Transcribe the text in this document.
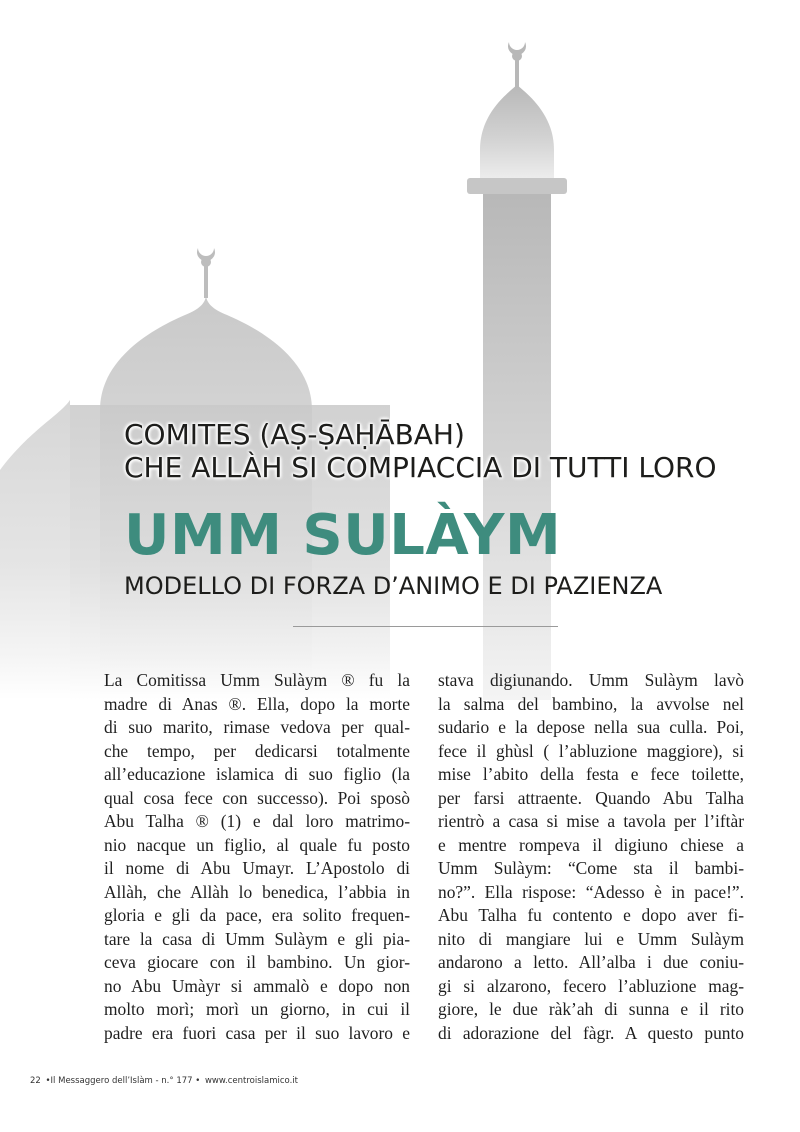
COMITES (AṢ-ṢAḤĀBAH)
CHE ALLÀH SI COMPIACCIA DI TUTTI LORO
UMM SULÀYM
MODELLO DI FORZA D’ANIMO E DI PAZIENZA
La Comitissa Umm Sulàym ® fu la
madre di Anas ®. Ella, dopo la morte
di suo marito, rimase vedova per qual-
che tempo, per dedicarsi totalmente
all’educazione islamica di suo figlio (la
qual cosa fece con successo). Poi sposò
Abu Talha ® (1) e dal loro matrimo-
nio nacque un figlio, al quale fu posto
il nome di Abu Umayr. L’Apostolo di
Allàh, che Allàh lo benedica, l’abbia in
gloria e gli da pace, era solito frequen-
tare la casa di Umm Sulàym e gli pia-
ceva giocare con il bambino. Un gior-
no Abu Umàyr si ammalò e dopo non
molto morì; morì un giorno, in cui il
padre era fuori casa per il suo lavoro e
stava digiunando. Umm Sulàym lavò
la salma del bambino, la avvolse nel
sudario e la depose nella sua culla. Poi,
fece il ghùsl ( l’abluzione maggiore), si
mise l’abito della festa e fece toilette,
per farsi attraente. Quando Abu Talha
rientrò a casa si mise a tavola per l’iftàr
e mentre rompeva il digiuno chiese a
Umm Sulàym: “Come sta il bambi-
no?”. Ella rispose: “Adesso è in pace!”.
Abu Talha fu contento e dopo aver fi-
nito di mangiare lui e Umm Sulàym
andarono a letto. All’alba i due coniu-
gi si alzarono, fecero l’abluzione mag-
giore, le due ràk’ah di sunna e il rito
di adorazione del fàgr. A questo punto
22 •Il Messaggero dell’Islàm - n.° 177 • www.centroislamico.it
